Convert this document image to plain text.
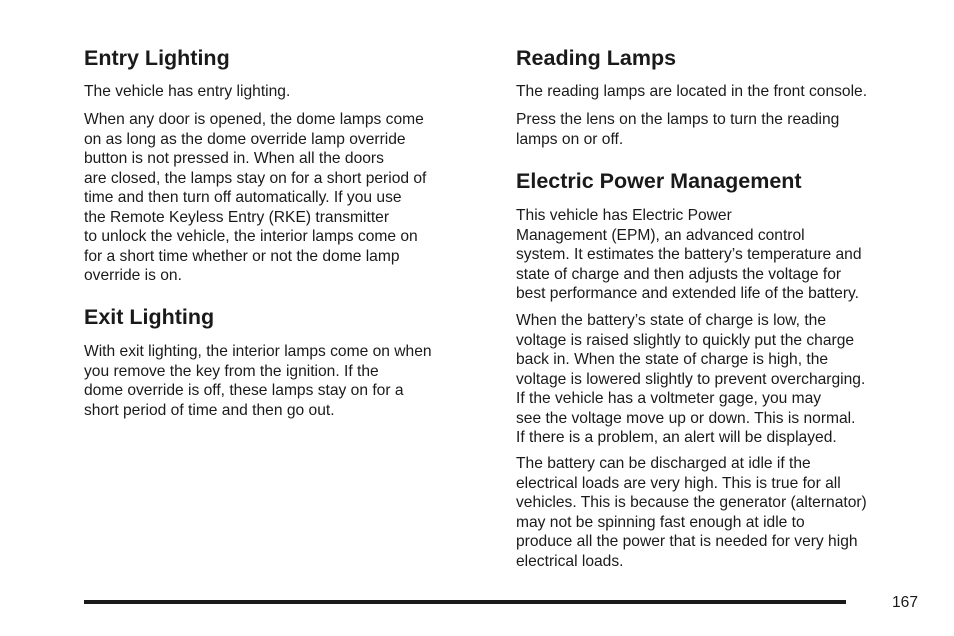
Entry Lighting
The vehicle has entry lighting.
When any door is opened, the dome lamps come
on as long as the dome override lamp override
button is not pressed in. When all the doors
are closed, the lamps stay on for a short period of
time and then turn off automatically. If you use
the Remote Keyless Entry (RKE) transmitter
to unlock the vehicle, the interior lamps come on
for a short time whether or not the dome lamp
override is on.
Exit Lighting
With exit lighting, the interior lamps come on when
you remove the key from the ignition. If the
dome override is off, these lamps stay on for a
short period of time and then go out.
Reading Lamps
The reading lamps are located in the front console.
Press the lens on the lamps to turn the reading
lamps on or off.
Electric Power Management
This vehicle has Electric Power
Management (EPM), an advanced control
system. It estimates the battery’s temperature and
state of charge and then adjusts the voltage for
best performance and extended life of the battery.
When the battery’s state of charge is low, the
voltage is raised slightly to quickly put the charge
back in. When the state of charge is high, the
voltage is lowered slightly to prevent overcharging.
If the vehicle has a voltmeter gage, you may
see the voltage move up or down. This is normal.
If there is a problem, an alert will be displayed.
The battery can be discharged at idle if the
electrical loads are very high. This is true for all
vehicles. This is because the generator (alternator)
may not be spinning fast enough at idle to
produce all the power that is needed for very high
electrical loads.
167
